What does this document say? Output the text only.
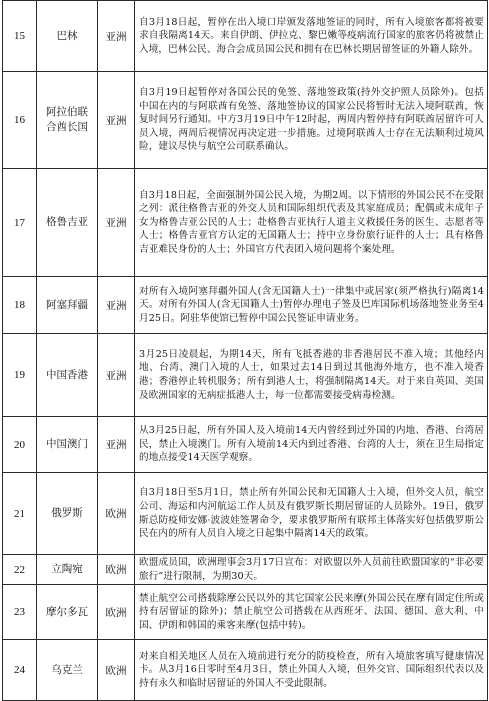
15	巴林	亚洲	自3月18日起，暂停在出入境口岸颁发落地签证的同时，所有入境旅客都将被要求自我隔离14天。来自伊朗、伊拉克、黎巴嫩等疫病流行国家的旅客仍将被禁止入境，巴林公民、海合会成员国公民和拥有在巴林长期居留签证的外籍人除外。
16	阿拉伯联合酋长国	亚洲	自3月19日起暂停对各国公民的免签、落地签政策(持外交护照人员除外)。包括中国在内的与阿联酋有免签、落地签协议的国家公民将暂时无法入境阿联酋，恢复时间另行通知。中方3月19日中午12时起，两周内暂停持有阿联酋居留许可人员入境，两周后视情况再决定进一步措施。过境阿联酋人士存在无法顺利过境风险，建议尽快与航空公司联系确认。
17	格鲁吉亚	亚洲	自3月18日起，全面强制外国公民入境，为期2周。以下情形的外国公民不在受限之列：派往格鲁吉亚的外交人员和国际组织代表及其家庭成员；配偶或未成年子女为格鲁吉亚公民的人士；赴格鲁吉亚执行人道主义救援任务的医生、志愿者等人士；格鲁吉亚官方认定的无国籍人士；持中立身份旅行证件的人士；具有格鲁吉亚难民身份的人士；外国官方代表团入境问题将个案处理。
18	阿塞拜疆	亚洲	对所有入境阿塞拜疆外国人(含无国籍人士)一律集中或居家(须严格执行)隔离14天。对所有外国人(含无国籍人士)暂停办理电子签及巴库国际机场落地签业务至4月25日。阿驻华使馆已暂停中国公民签证申请业务。
19	中国香港	亚洲	3月25日凌晨起，为期14天，所有飞抵香港的非香港居民不准入境；其他经内地、台湾、澳门入境的人士，如果过去14日到过其他海外地方，也不准入境香港；香港停止转机服务；所有到港人士，将强制隔离14天。对于来自英国、美国及欧洲国家的无病症抵港人士，每一位都需要接受病毒检测。
20	中国澳门	亚洲	从3月25日起，所有外国人及入境前14天内曾经到过外国的内地、香港、台湾居民，禁止入境澳门。所有入境前14天内到过香港、台湾的人士，须在卫生局指定的地点接受14天医学观察。
21	俄罗斯	欧洲	自3月18日至5月1日，禁止所有外国公民和无国籍人士入境，但外交人员，航空公司、海运和内河航运工作人员及有俄罗斯长期居留证的人员除外。19日，俄罗斯总防疫师安娜·波波娃签署命令，要求俄罗斯所有联邦主体落实好包括俄罗斯公民在内的所有人员自入境之日起集中隔离14天的政策。
22	立陶宛	欧洲	欧盟成员国，欧洲理事会3月17日宣布：对欧盟以外人员前往欧盟国家的“非必要旅行”进行限制，为期30天。
23	摩尔多瓦	欧洲	禁止航空公司搭载除摩公民以外的其它国家公民来摩(外国公民在摩有固定住所或持有居留证的除外)；禁止航空公司搭载在从西班牙、法国、德国、意大利、中国、伊朗和韩国的乘客来摩(包括中转)。
24	乌克兰	欧洲	对来自相关地区人员在入境前进行充分的防疫检查，所有入境旅客填写健康情况卡。从3月16日零时至4月3日，禁止外国人入境，但外交官、国际组织代表以及持有永久和临时居留证的外国人不受此限制。
